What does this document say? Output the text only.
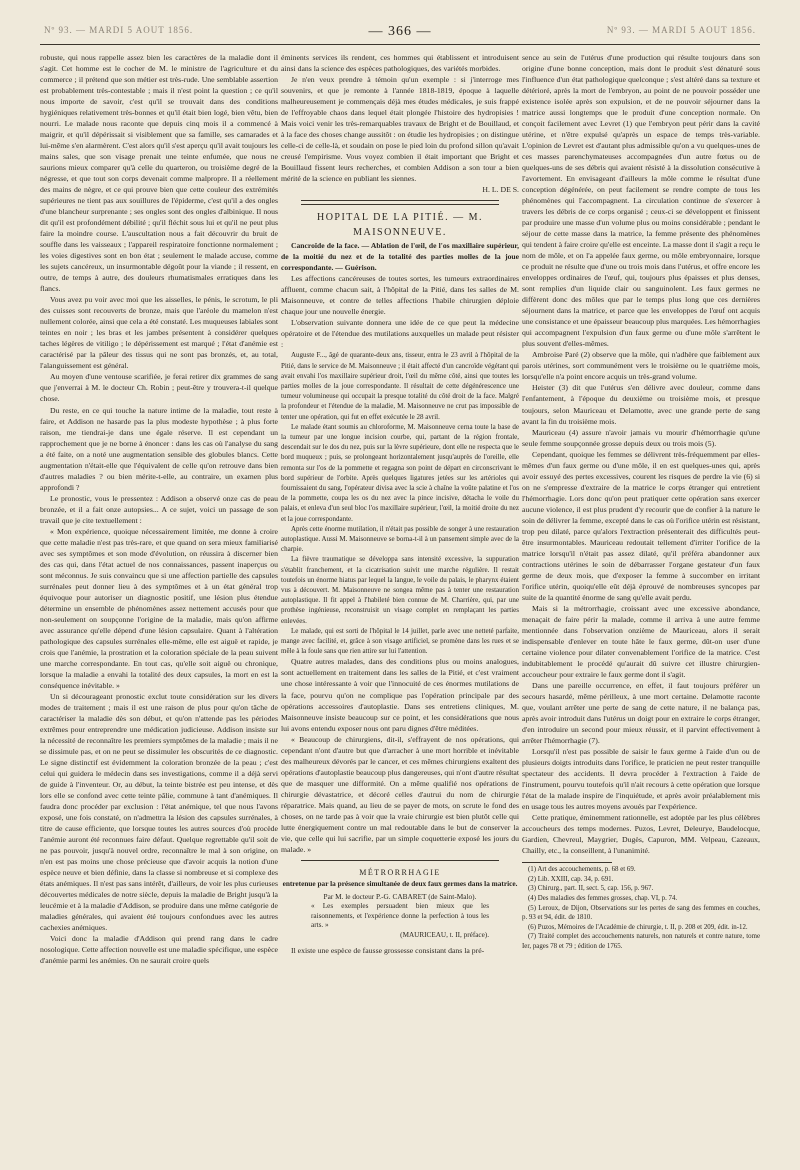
Nº 93. — MARDI 5 AOUT 1856.	— 366 —	Nº 93. — MARDI 5 AOUT 1856.

robuste, qui nous rappelle assez bien les caractères de la maladie dont il s'agit. Cet homme est le cocher de M. le ministre de l'agriculture et du commerce ; il prétend que son métier est très-rude. Une semblable assertion est probablement très-contestable ; mais il n'est point la question ; ce qu'il nous importe de savoir, c'est qu'il se trouvait dans des conditions hygiéniques relativement très-bonnes et qu'il était bien logé, bien vêtu, bien nourri. Le malade nous raconte que depuis cinq mois il a commencé à maigrir, et qu'il dépérissait si visiblement que sa famille, ses camarades et lui-même s'en alarmèrent. C'est alors qu'il s'est aperçu qu'il avait toujours les mains sales, que son visage prenait une teinte enfumée, que nous ne saurions mieux comparer qu'à celle du quarteron, ou troisième degré de la négresse, et que tout son corps devenait comme malpropre. Il a réellement des mains de nègre, et ce qui prouve bien que cette couleur des extrémités supérieures ne tient pas aux souillures de l'épiderme, c'est qu'il a des ongles d'une blancheur surprenante ; ses ongles sont des ongles d'albinique. Il nous dit qu'il est profondément débilité ; qu'il fléchit sous lui et qu'il ne peut plus faire la moindre course. L'auscultation nous a fait découvrir du bruit de souffle dans les vaisseaux ; l'appareil respiratoire fonctionne normalement ; les voies digestives sont en bon état ; seulement le malade accuse, comme les sujets cancéreux, un insurmontable dégoût pour la viande ; il ressent, en outre, de temps à autre, des douleurs rhumatismales erratiques dans les flancs.

Vous avez pu voir avec moi que les aisselles, le pénis, le scrotum, le pli des cuisses sont recouverts de bronze, mais que l'aréole du mamelon n'est nullement colorée, ainsi que cela a été constaté. Les muqueuses labiales sont teintes en noir ; les bras et les jambes présentent à considérer quelques taches légères de vitiligo ; le dépérissement est marqué ; l'état d'anémie est caractérisé par la pâleur des tissus qui ne sont pas bronzés, et, au total, l'alanguissement est général.

Au moyen d'une ventouse scarifiée, je ferai retirer dix grammes de sang que j'enverrai à M. le docteur Ch. Robin ; peut-être y trouvera-t-il quelque chose.

Du reste, en ce qui touche la nature intime de la maladie, tout reste à faire, et Addison ne hasarde pas la plus modeste hypothèse ; à plus forte raison, me tiendrai-je dans une égale réserve. Il est cependant un rapprochement que je ne borne à énoncer : dans les cas où l'analyse du sang a été faite, on a noté une augmentation sensible des globules blancs. Cette augmentation n'était-elle que l'équivalent de celle qu'on retrouve dans bien d'autres maladies ? ou bien mérite-t-elle, au contraire, un examen plus approfondi ?

Le pronostic, vous le pressentez : Addison a observé onze cas de peau bronzée, et il a fait onze autopsies... A ce sujet, voici un passage de son travail que je cite textuellement :

« Mon expérience, quoique nécessairement limitée, me donne à croire que cette maladie n'est pas très-rare, et que quand on sera mieux familiarisé avec ses symptômes et son mode d'évolution, on réussira à discerner bien des cas qui, dans l'état actuel de nos connaissances, passent inaperçus ou sont méconnus. Je suis convaincu que si une affection partielle des capsules surrénales peut donner lieu à des symptômes et à un état général trop équivoque pour autoriser un diagnostic positif, une lésion plus étendue détermine un ensemble de phénomènes assez nettement accusés pour que non-seulement on soupçonne l'origine de la maladie, mais qu'on affirme avec assurance qu'elle dépend d'une lésion capsulaire. Quant à l'altération pathologique des capsules surrénales elle-même, elle est aiguë et rapide, je crois que l'anémie, la prostration et la coloration spéciale de la peau suivent une marche correspondante. En tout cas, qu'elle soit aiguë ou chronique, lorsque la maladie a envahi la totalité des deux capsules, la mort en est la conséquence inévitable. »

Un si décourageant pronostic exclut toute considération sur les divers modes de traitement ; mais il est une raison de plus pour qu'on tâche de caractériser la maladie dès son début, et qu'on n'attende pas les périodes extrêmes pour entreprendre une médication judicieuse. Addison insiste sur la nécessité de reconnaître les premiers symptômes de la maladie ; mais il ne se dissimule pas, et on ne peut se dissimuler les obscurités de ce diagnostic. Le signe distinctif est évidemment la coloration bronzée de la peau ; c'est celui qui guidera le médecin dans ses investigations, comme il a déjà servi de guide à l'inventeur. Or, au début, la teinte bistrée est peu intense, et dès lors elle se confond avec cette teinte pâlie, commune à tant d'anémiques. Il faudra donc procéder par exclusion : l'état anémique, tel que nous l'avons exposé, une fois constaté, on n'admettra la lésion des capsules surrénales, à titre de cause efficiente, que lorsque toutes les autres sources d'où procède l'anémie auront été reconnues faire défaut. Quelque regrettable qu'il soit de ne pas pouvoir, jusqu'à nouvel ordre, reconnaître le mal à son origine, on n'en est pas moins une chose précieuse que d'avoir acquis la notion d'une espèce neuve et bien définie, dans la classe si nombreuse et si complexe des états anémiques. Il n'est pas sans intérêt, d'ailleurs, de voir les plus curieuses découvertes médicales de notre siècle, depuis la maladie de Bright jusqu'à la leucémie et à la maladie d'Addison, se produire dans une même catégorie de maladies générales, qui avaient été toujours confondues avec les autres cachexies anémiques.

Voici donc la maladie d'Addison qui prend rang dans le cadre nosologique. Cette affection nouvelle est une maladie spécifique, une espèce d'anémie parmi les anémies. On ne saurait croire quels

éminents services ils rendent, ces hommes qui établissent et introduisent ainsi dans la science des espèces pathologiques, des variétés morbides.

Je n'en veux prendre à témoin qu'un exemple : si j'interroge mes souvenirs, et que je remonte à l'année 1818-1819, époque à laquelle malheureusement je commençais déjà mes études médicales, je suis frappé de l'effroyable chaos dans lequel était plongée l'histoire des hydropisies ! Mais voici venir les très-remarquables travaux de Bright et de Bouillaud, et à la face des choses change aussitôt : on étudie les hydropisies ; on distingue celle-ci de celle-là, et soudain on pose le pied loin du profond sillon qu'avait creusé l'empirisme. Vous voyez combien il était important que Bright et Bouillaud fissent leurs recherches, et combien Addison a son tour a bien mérité de la science en publiant les siennes.

H. L. DE S.

HOPITAL DE LA PITIÉ. — M. MAISONNEUVE.

Cancroïde de la face. — Ablation de l'œil, de l'os maxillaire supérieur, de la moitié du nez et de la totalité des parties molles de la joue correspondante. — Guérison.

Les affections cancéreuses de toutes sortes, les tumeurs extraordinaires affluent, comme chacun sait, à l'hôpital de la Pitié, dans les salles de M. Maisonneuve, et contre de telles affections l'habile chirurgien déploie chaque jour une nouvelle énergie.

L'observation suivante donnera une idée de ce que peut la médecine opératoire et de l'étendue des mutilations auxquelles un malade peut résister :

Auguste F..., âgé de quarante-deux ans, tisseur, entra le 23 avril à l'hôpital de la Pitié, dans le service de M. Maisonneuve ; il était affecté d'un cancroïde végétant qui avait envahi l'os maxillaire supérieur droit, l'œil du même côté, ainsi que toutes les parties molles de la joue correspondante. Il résultait de cette dégénérescence une tumeur volumineuse qui occupait la presque totalité du côté droit de la face. Malgré la profondeur et l'étendue de la maladie, M. Maisonneuve ne crut pas impossible de tenter une opération, qui fut en effet exécutée le 28 avril.

Le malade étant soumis au chloroforme, M. Maisonneuve cerna toute la base de la tumeur par une longue incision courbe, qui, partant de la région frontale, descendait sur le dos du nez, puis sur la lèvre supérieure, dont elle ne respecta que le bord muqueux ; puis, se prolongeant horizontalement jusqu'auprès de l'oreille, elle remonta sur l'os de la pommette et regagna son point de départ en circonscrivant le bord supérieur de l'orbite. Après quelques ligatures jetées sur les artérioles qui fournissaient du sang, l'opérateur divisa avec la scie à chaîne la voûte palatine et l'os de la pommette, coupa les os du nez avec la pince incisive, détacha le voile du palais, et enleva d'un seul bloc l'os maxillaire supérieur, l'œil, la moitié droite du nez et la joue correspondante.

Après cette énorme mutilation, il n'était pas possible de songer à une restauration autoplastique. Aussi M. Maisonneuve se borna-t-il à un pansement simple avec de la charpie.

La fièvre traumatique se développa sans intensité excessive, la suppuration s'établit franchement, et la cicatrisation suivit une marche régulière. Il restait toutefois un énorme hiatus par lequel la langue, le voile du palais, le pharynx étaient vus à découvert. M. Maisonneuve ne songea même pas à tenter une restauration autoplastique. Il fit appel à l'habileté bien connue de M. Charrière, qui, par une prothèse ingénieuse, reconstruisit un visage complet en remplaçant les parties enlevées.

Le malade, qui est sorti de l'hôpital le 14 juillet, parle avec une netteté parfaite, mange avec facilité, et, grâce à son visage artificiel, se promène dans les rues et se mêle à la foule sans que rien attire sur lui l'attention.

Quatre autres malades, dans des conditions plus ou moins analogues, sont actuellement en traitement dans les salles de la Pitié, et c'est vraiment une chose intéressante à voir que l'innocuité de ces énormes mutilations de la face, pourvu qu'on ne complique pas l'opération principale par des opérations accessoires d'autoplastie. Dans ses entretiens cliniques, M. Maisonneuve insiste beaucoup sur ce point, et les considérations que nous lui avons entendu exposer nous ont paru dignes d'être méditées.

« Beaucoup de chirurgiens, dit-il, s'effrayent de nos opérations, qui cependant n'ont d'autre but que d'arracher à une mort horrible et inévitable des malheureux dévorés par le cancer, et ces mêmes chirurgiens exaltent des opérations d'autoplastie beaucoup plus dangereuses, qui n'ont d'autre résultat que de masquer une difformité. On a même qualifié nos opérations de chirurgie dévastatrice, et décoré celles d'autrui du nom de chirurgie réparatrice. Mais quand, au lieu de se payer de mots, on scrute le fond des choses, on ne tarde pas à voir que la vraie chirurgie est bien plutôt celle qui lutte énergiquement contre un mal redoutable dans le but de conserver la vie, que celle qui lui sacrifie, par un simple coquetterie exposé les jours du malade. »

MÉTRORRHAGIE

entretenue par la présence simultanée de deux faux germes dans la matrice.

Par M. le docteur P.-G. CABARET (de Saint-Malo).

« Les exemples persuadent bien mieux que les raisonnements, et l'expérience donne la perfection à tous les arts. »

(MAURICEAU, t. II, préface).

Il existe une espèce de fausse grossesse consistant dans la pré-

sence au sein de l'utérus d'une production qui résulte toujours dans son origine d'une bonne conception, mais dont le produit s'est dénaturé sous l'influence d'un état pathologique quelconque ; s'est altéré dans sa texture et détérioré, après la mort de l'embryon, au point de ne pouvoir posséder une existence isolée après son expulsion, et de ne pouvoir séjourner dans la matrice aussi longtemps que le produit d'une conception normale. On conçoit facilement avec Levret (1) que l'embryon peut périr dans la cavité utérine, et n'être expulsé qu'après un espace de temps très-variable. L'opinion de Levret est d'autant plus admissible qu'on a vu quelques-unes de ces masses parenchymateuses accompagnées d'un autre fœtus ou de quelques-uns de ses débris qui avaient résisté à la dissolution consécutive à l'avortement. En envisageant d'ailleurs la môle comme le résultat d'une conception dégénérée, on peut facilement se rendre compte de tous les phénomènes qui l'accompagnent. La circulation continue de s'exercer à travers les débris de ce corps organisé ; ceux-ci se développent et finissent par produire une masse d'un volume plus ou moins considérable ; pendant le séjour de cette masse dans la matrice, la femme présente des phénomènes qui tendent à faire croire qu'elle est enceinte. La masse dont il s'agit a reçu le nom de môle, et on l'a appelée faux germe, ou môle embryonnaire, lorsque ce produit ne résulte que d'une ou trois mois dans l'utérus, et offre encore les enveloppes ordinaires de l'œuf, qui, toujours plus épaisses et plus denses, sont remplies d'un liquide clair ou sanguinolent. Les faux germes ne diffèrent donc des môles que par le temps plus long que ces dernières séjournent dans la matrice, et parce que les enveloppes de l'œuf ont acquis une consistance et une épaisseur beaucoup plus marquées. Les hémorrhagies qui accompagnent l'expulsion d'un faux germe ou d'une môle s'arrêtent le plus souvent d'elles-mêmes.

Ambroise Paré (2) observe que la môle, qui n'adhère que faiblement aux parois utérines, sort communément vers le troisième ou le quatrième mois, lorsqu'elle n'a point encore acquis un très-grand volume.

Heister (3) dit que l'utérus s'en délivre avec douleur, comme dans l'enfantement, à l'époque du deuxième ou troisième mois, et presque toujours, selon Mauriceau et Delamotte, avec une grande perte de sang avant la fin du troisième mois.

Mauriceau (4) assure n'avoir jamais vu mourir d'hémorrhagie qu'une seule femme soupçonnée grosse depuis deux ou trois mois (5).

Cependant, quoique les femmes se délivrent très-fréquemment par elles-mêmes d'un faux germe ou d'une môle, il en est quelques-unes qui, après avoir essuyé des pertes excessives, courent les risques de perdre la vie (6) si on ne s'empresse d'extraire de la matrice le corps étranger qui entretient l'hémorrhagie. Lors donc qu'on peut pratiquer cette opération sans exercer aucune violence, il est plus prudent d'y recourir que de confier à la nature le soin de délivrer la femme, excepté dans le cas où l'orifice utérin est résistant, trop peu dilaté, parce qu'alors l'extraction présenterait des difficultés peut-être insurmontables. Mauriceau redoutait tellement d'irriter l'orifice de la matrice lorsqu'il n'était pas assez dilaté, qu'il préféra abandonner aux contractions utérines le soin de débarrasser l'organe gestateur d'un faux germe de deux mois, que d'exposer la femme à succomber en irritant l'orifice utérin, quoiqu'elle eût déjà éprouvé de nombreuses syncopes par suite de la quantité énorme de sang qu'elle avait perdu.

Mais si la métrorrhagie, croissant avec une excessive abondance, menaçait de faire périr la malade, comme il arriva à une autre femme mentionnée dans l'observation onzième de Mauriceau, alors il serait indispensable d'enlever en toute hâte le faux germe, dût-on user d'une certaine violence pour dilater convenablement l'orifice de la matrice. C'est indubitablement le procédé qu'aurait dû suivre cet illustre chirurgien-accoucheur pour extraire le faux germe dont il s'agit.

Dans une pareille occurrence, en effet, il faut toujours préférer un secours hasardé, même périlleux, à une mort certaine. Delamotte raconte que, voulant arrêter une perte de sang de cette nature, il ne balança pas, après avoir introduit dans l'utérus un doigt pour en extraire le corps étranger, d'en introduire un second pour mieux réussir, et il parvint effectivement à arrêter l'hémorrhagie (7).

Lorsqu'il n'est pas possible de saisir le faux germe à l'aide d'un ou de plusieurs doigts introduits dans l'orifice, le praticien ne peut rester tranquille spectateur des accidents. Il devra procéder à l'extraction à l'aide de l'instrument, pourvu toutefois qu'il n'ait recours à cette opération que lorsque l'état de la malade inspire de l'inquiétude, et après avoir préalablement mis en usage tous les autres moyens avoués par l'expérience.

Cette pratique, éminemment rationnelle, est adoptée par les plus célèbres accoucheurs des temps modernes. Puzos, Levret, Deleurye, Baudelocque, Gardien, Chevreul, Maygrier, Dugès, Capuron, MM. Velpeau, Cazeaux, Chailly, etc., la conseillent, à l'unanimité.

(1) Art des accouchements, p. 68 et 69.

(2) Lib. XXIII, cap. 34, p. 691.

(3) Chirurg., part. II, sect. 5, cap. 156, p. 967.

(4) Des maladies des femmes grosses, chap. VI, p. 74.

(5) Leroux, de Dijon, Observations sur les pertes de sang des femmes en couches, p. 93 et 94, édit. de 1810.

(6) Puzos, Mémoires de l'Académie de chirurgie, t. II, p. 208 et 209, édit. in-12.

(7) Traité complet des accouchements naturels, non naturels et contre nature, tome Ier, pages 78 et 79 ; édition de 1765.
